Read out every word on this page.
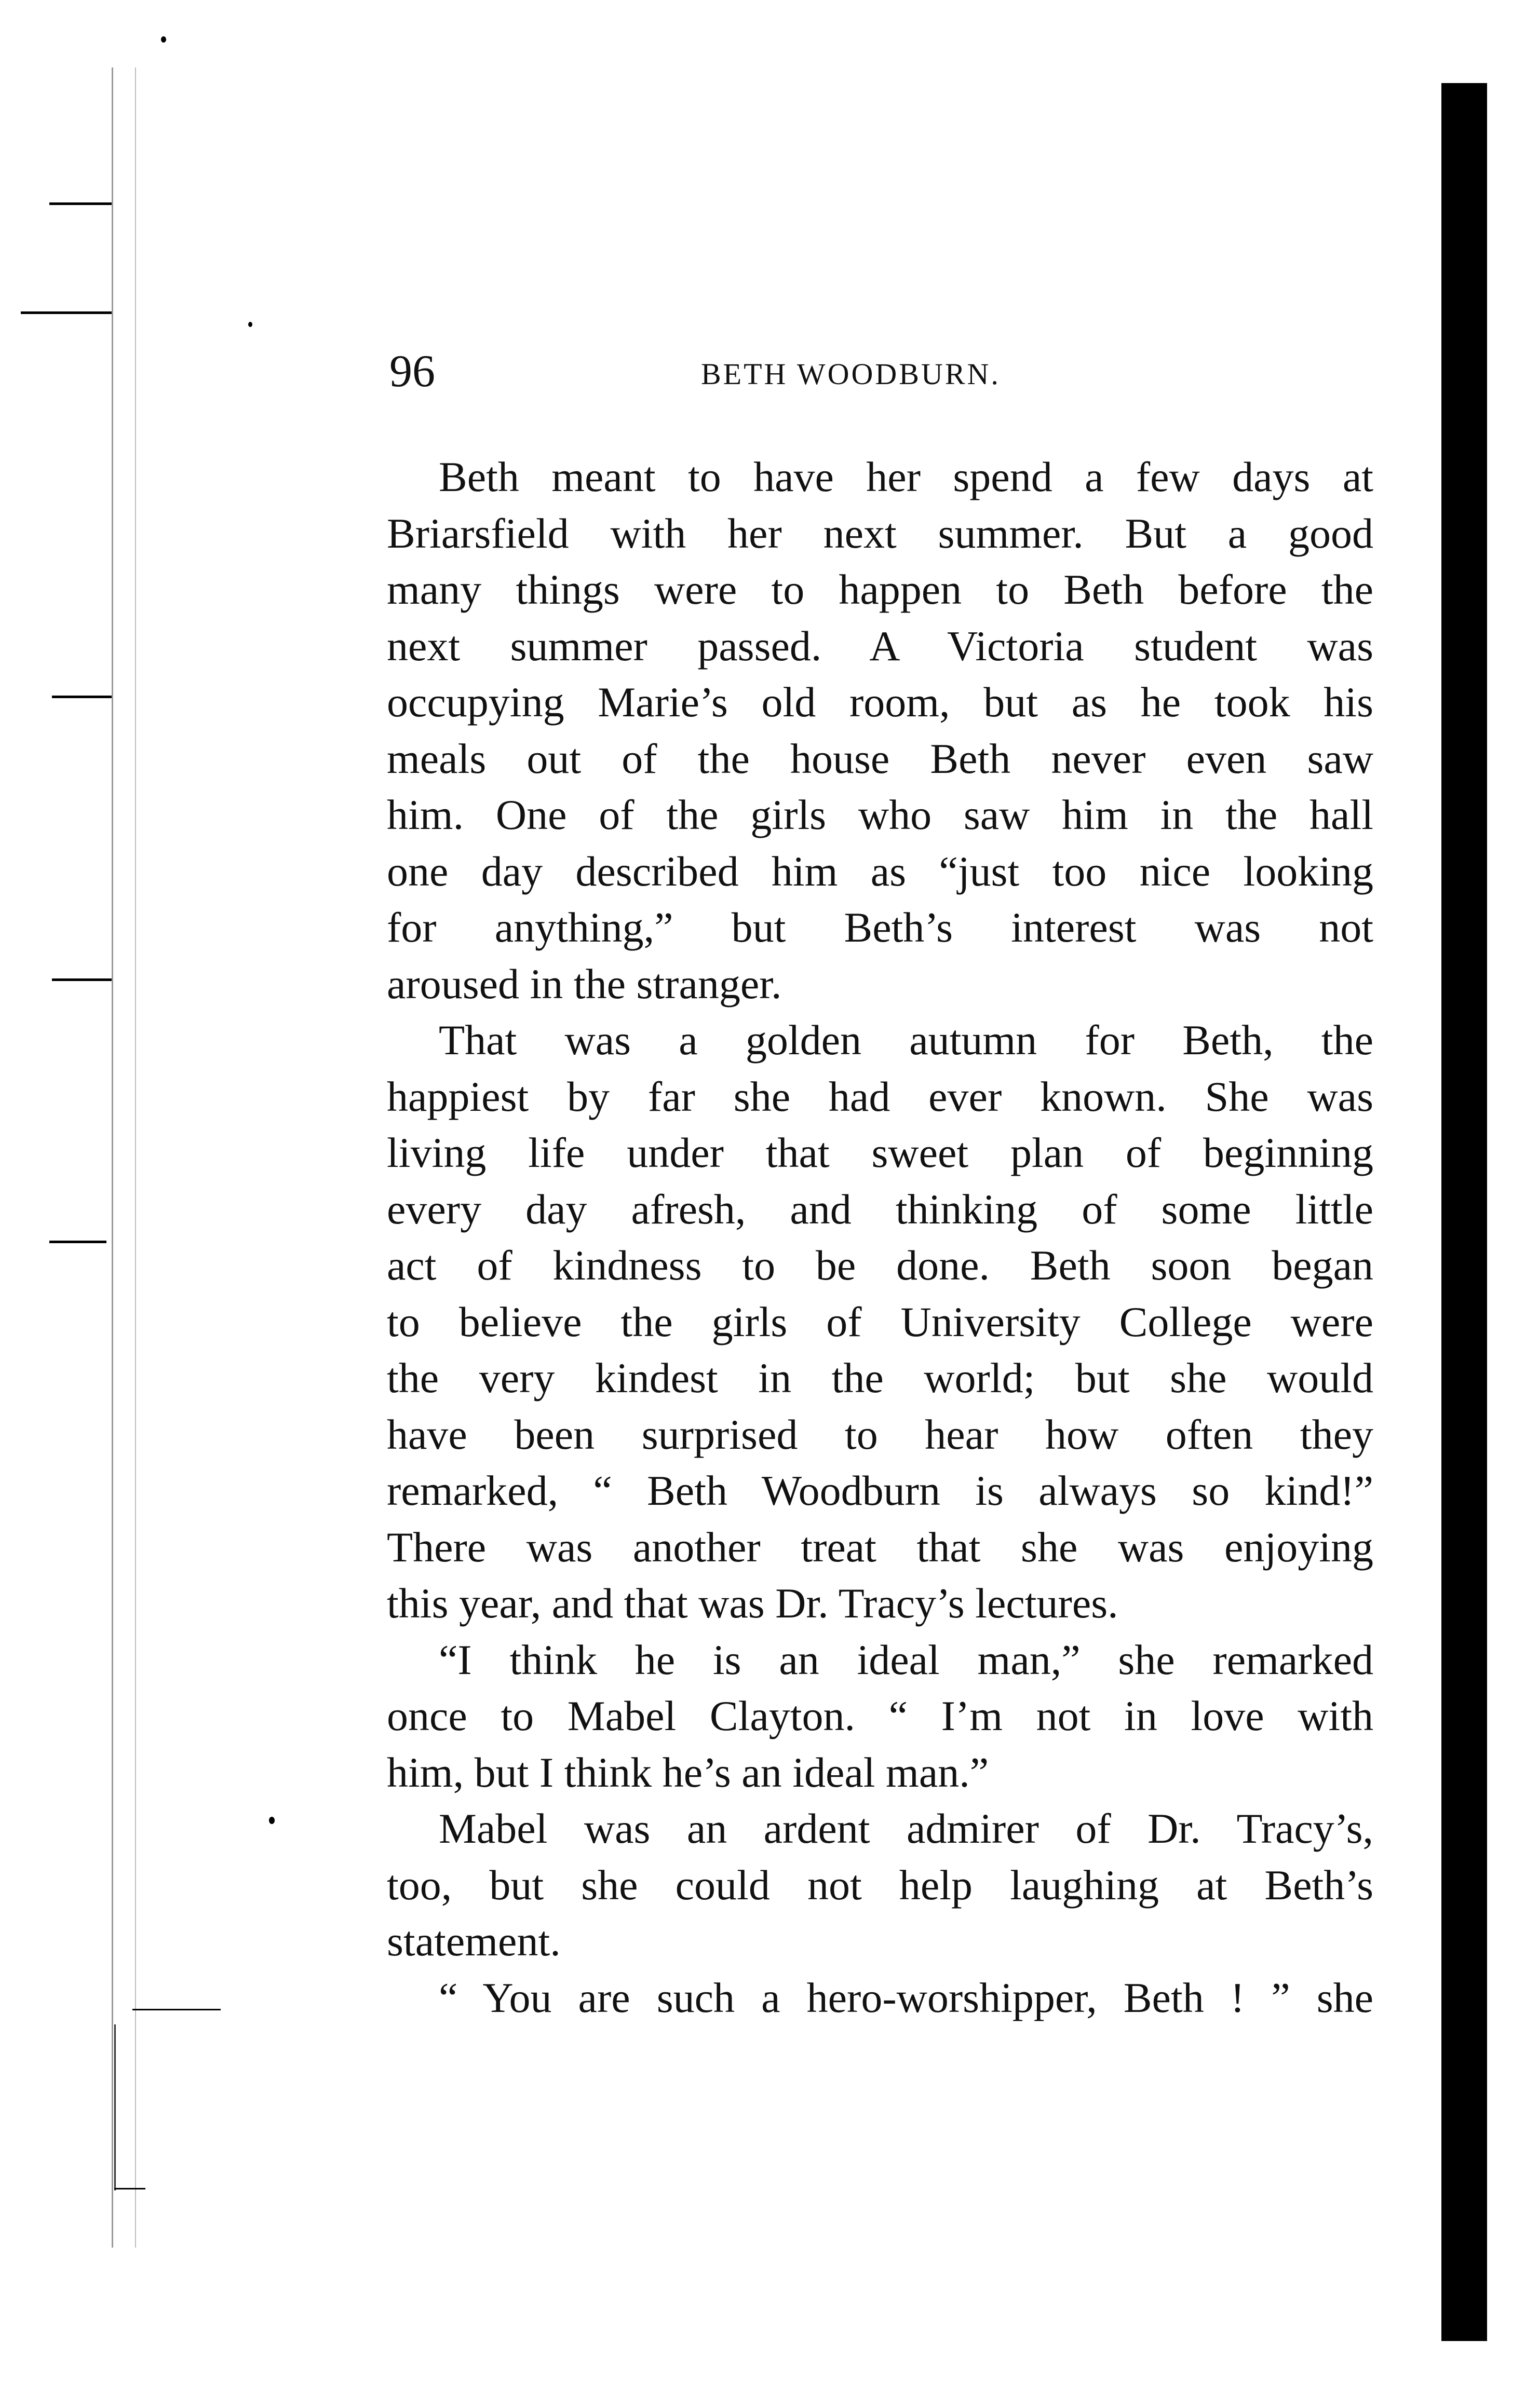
96	BETH WOODBURN.

Beth meant to have her spend a few days at
Briarsfield with her next summer. But a good
many things were to happen to Beth before the
next summer passed. A Victoria student was
occupying Marie’s old room, but as he took his
meals out of the house Beth never even saw
him. One of the girls who saw him in the hall
one day described him as “just too nice looking
for anything,” but Beth’s interest was not
aroused in the stranger.

That was a golden autumn for Beth, the
happiest by far she had ever known. She was
living life under that sweet plan of beginning
every day afresh, and thinking of some little
act of kindness to be done. Beth soon began
to believe the girls of University College were
the very kindest in the world; but she would
have been surprised to hear how often they
remarked, “ Beth Woodburn is always so kind!”
There was another treat that she was enjoying
this year, and that was Dr. Tracy’s lectures.

“I think he is an ideal man,” she remarked
once to Mabel Clayton. “ I’m not in love with
him, but I think he’s an ideal man.”

Mabel was an ardent admirer of Dr. Tracy’s,
too, but she could not help laughing at Beth’s
statement.

“ You are such a hero-worshipper, Beth ! ” she
